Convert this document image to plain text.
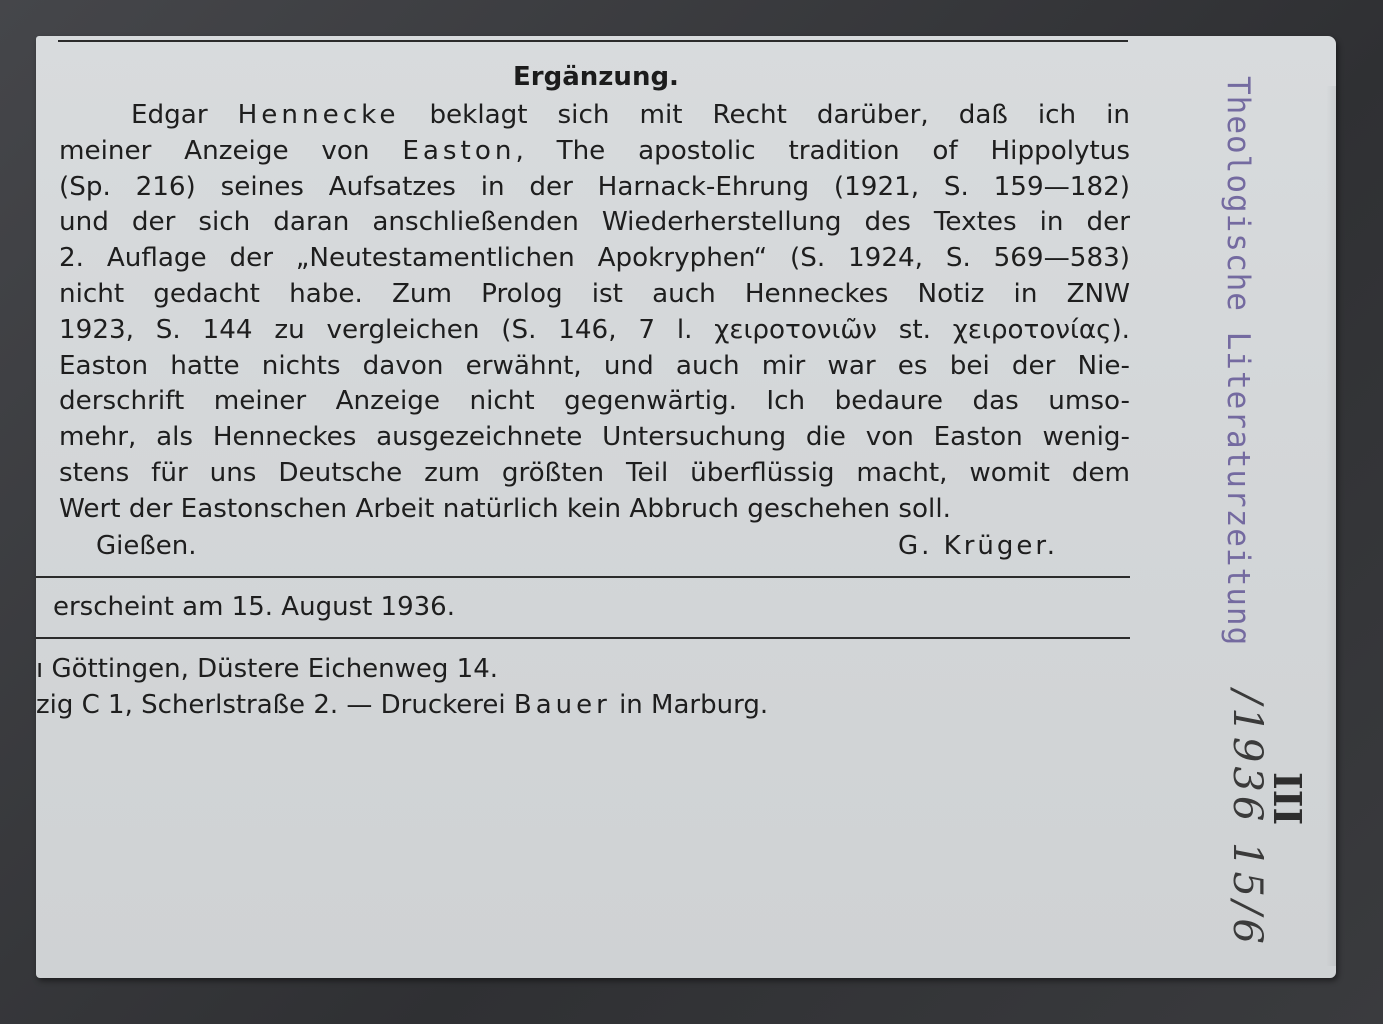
Ergänzung.
Edgar Hennecke beklagt sich mit Recht darüber, daß ich in
meiner Anzeige von Easton, The apostolic tradition of Hippolytus
(Sp. 216) seines Aufsatzes in der Harnack-Ehrung (1921, S. 159—182)
und der sich daran anschließenden Wiederherstellung des Textes in der
2. Auflage der „Neutestamentlichen Apokryphen“ (S. 1924, S. 569—583)
nicht gedacht habe. Zum Prolog ist auch Henneckes Notiz in ZNW
1923, S. 144 zu vergleichen (S. 146, 7 l. χειροτονιῶν st. χειροτονίας).
Easton hatte nichts davon erwähnt, und auch mir war es bei der Nie-
derschrift meiner Anzeige nicht gegenwärtig. Ich bedaure das umso-
mehr, als Henneckes ausgezeichnete Untersuchung die von Easton wenig-
stens für uns Deutsche zum größten Teil überflüssig macht, womit dem
Wert der Eastonschen Arbeit natürlich kein Abbruch geschehen soll.
Gießen.	G. Krüger.
erscheint am 15. August 1936.
ı Göttingen, Düstere Eichenweg 14.
zig C 1, Scherlstraße 2. — Druckerei Bauer in Marburg.
Theologische Literaturzeitung
/1936 15/6
III
